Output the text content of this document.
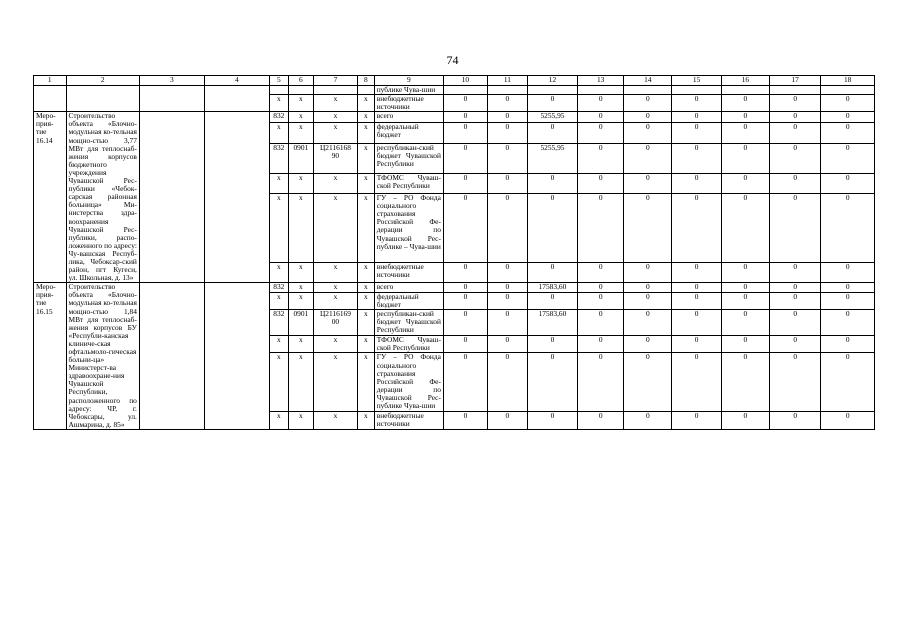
74
1	2	3	4	5	6	7	8	9	10	11	12	13	14	15	16	17	18
								публике Чува-шии									
				x	x	x	x	внебюджетные источники	0	0	0	0	0	0	0	0	0
Меро-прия-тие 16.14	Строительство объекта «Блочно-модульная ко-тельная мощно-стью 3,77 МВт для теплоснаб-жения корпусов бюджетного учреждения Чувашской Рес-публики «Чебок-сарская районная больница» Ми-нистерства здра-воохранения Чувашской Рес-публики, распо-ложенного по адресу: Чу-вашская Респуб-лика, Чебоксар-ский район, пгт Кугеси, ул. Школьная, д. 13»			832	x	x	x	всего	0	0	5255,95	0	0	0	0	0	0
				x	x	x	x	федеральный бюджет	0	0	0	0	0	0	0	0	0
				832	0901	Ц2116168 90	x	республикан-ский бюджет Чувашской Республики	0	0	5255,95	0	0	0	0	0	0
				x	x	x	x	ТФОМС Чуваш-ской Республики	0	0	0	0	0	0	0	0	0
				x	x	x	x	ГУ – РО Фонда социального страхования Российской Фе-дерации по Чувашской Рес-публике – Чува-шии	0	0	0	0	0	0	0	0	0
				x	x	x	x	внебюджетные источники	0	0	0	0	0	0	0	0	0
Меро-прия-тие 16.15	Строительство объекта «Блочно-модульная ко-тельная мощно-стью 1,84 МВт для теплоснаб-жения корпусов БУ «Республи-канская клиниче-ская офтальмоло-гическая больни-ца» Министерст-ва здравоохране-ния Чувашской Республики, расположенного по адресу: ЧР, г. Чебоксары, ул. Ашмарина, д. 85»			832	x	x	x	всего	0	0	17583,60	0	0	0	0	0	0
				x	x	x	x	федеральный бюджет	0	0	0	0	0	0	0	0	0
				832	0901	Ц2116169 00	x	республикан-ский бюджет Чувашской Республики	0	0	17583,60	0	0	0	0	0	0
				x	x	x	x	ТФОМС Чуваш-ской Республики	0	0	0	0	0	0	0	0	0
				x	x	x	x	ГУ – РО Фонда социального страхования Российской Фе-дерации по Чувашской Рес-публике Чува-шии	0	0	0	0	0	0	0	0	0
				x	x	x	x	внебюджетные источники	0	0	0	0	0	0	0	0	0
